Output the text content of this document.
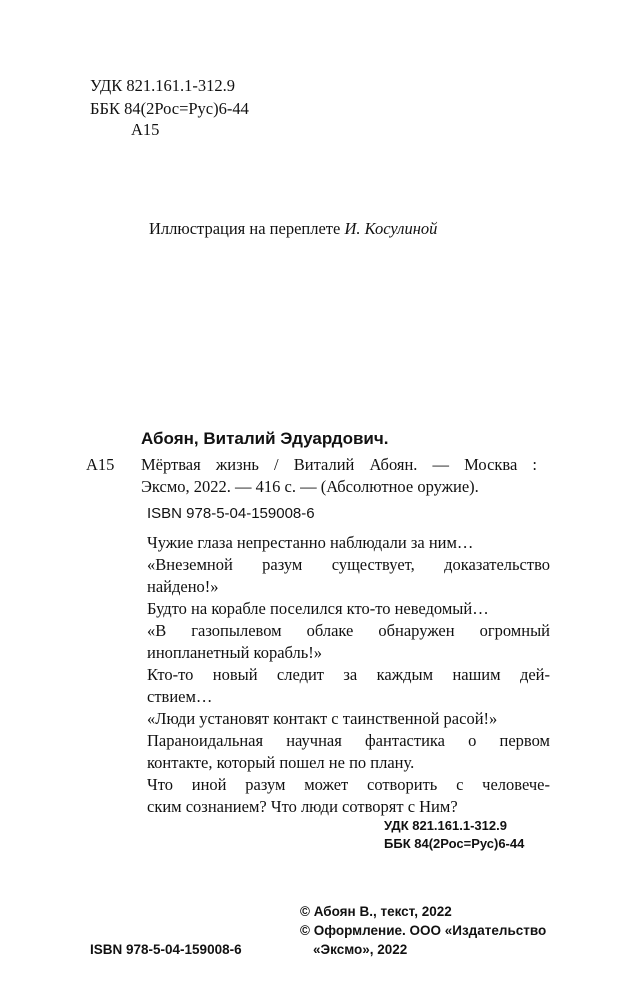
УДК 821.161.1-312.9
ББК 84(2Рос=Рус)6-44
А15
Иллюстрация на переплете И. Косулиной
Абоян, Виталий Эдуардович.
А15 Мёртвая жизнь / Виталий Абоян. — Москва :
Эксмо, 2022. — 416 с. — (Абсолютное оружие).
ISBN 978-5-04-159008-6
Чужие глаза непрестанно наблюдали за ним…
«Внеземной разум существует, доказательство
найдено!»
Будто на корабле поселился кто-то неведомый…
«В газопылевом облаке обнаружен огромный
инопланетный корабль!»
Кто-то новый следит за каждым нашим дей-
ствием…
«Люди установят контакт с таинственной расой!»
Параноидальная научная фантастика о первом
контакте, который пошел не по плану.
Что иной разум может сотворить с человече-
ским сознанием? Что люди сотворят с Ним?
УДК 821.161.1-312.9
ББК 84(2Рос=Рус)6-44
© Абоян В., текст, 2022
© Оформление. ООО «Издательство
«Эксмо», 2022
ISBN 978-5-04-159008-6
